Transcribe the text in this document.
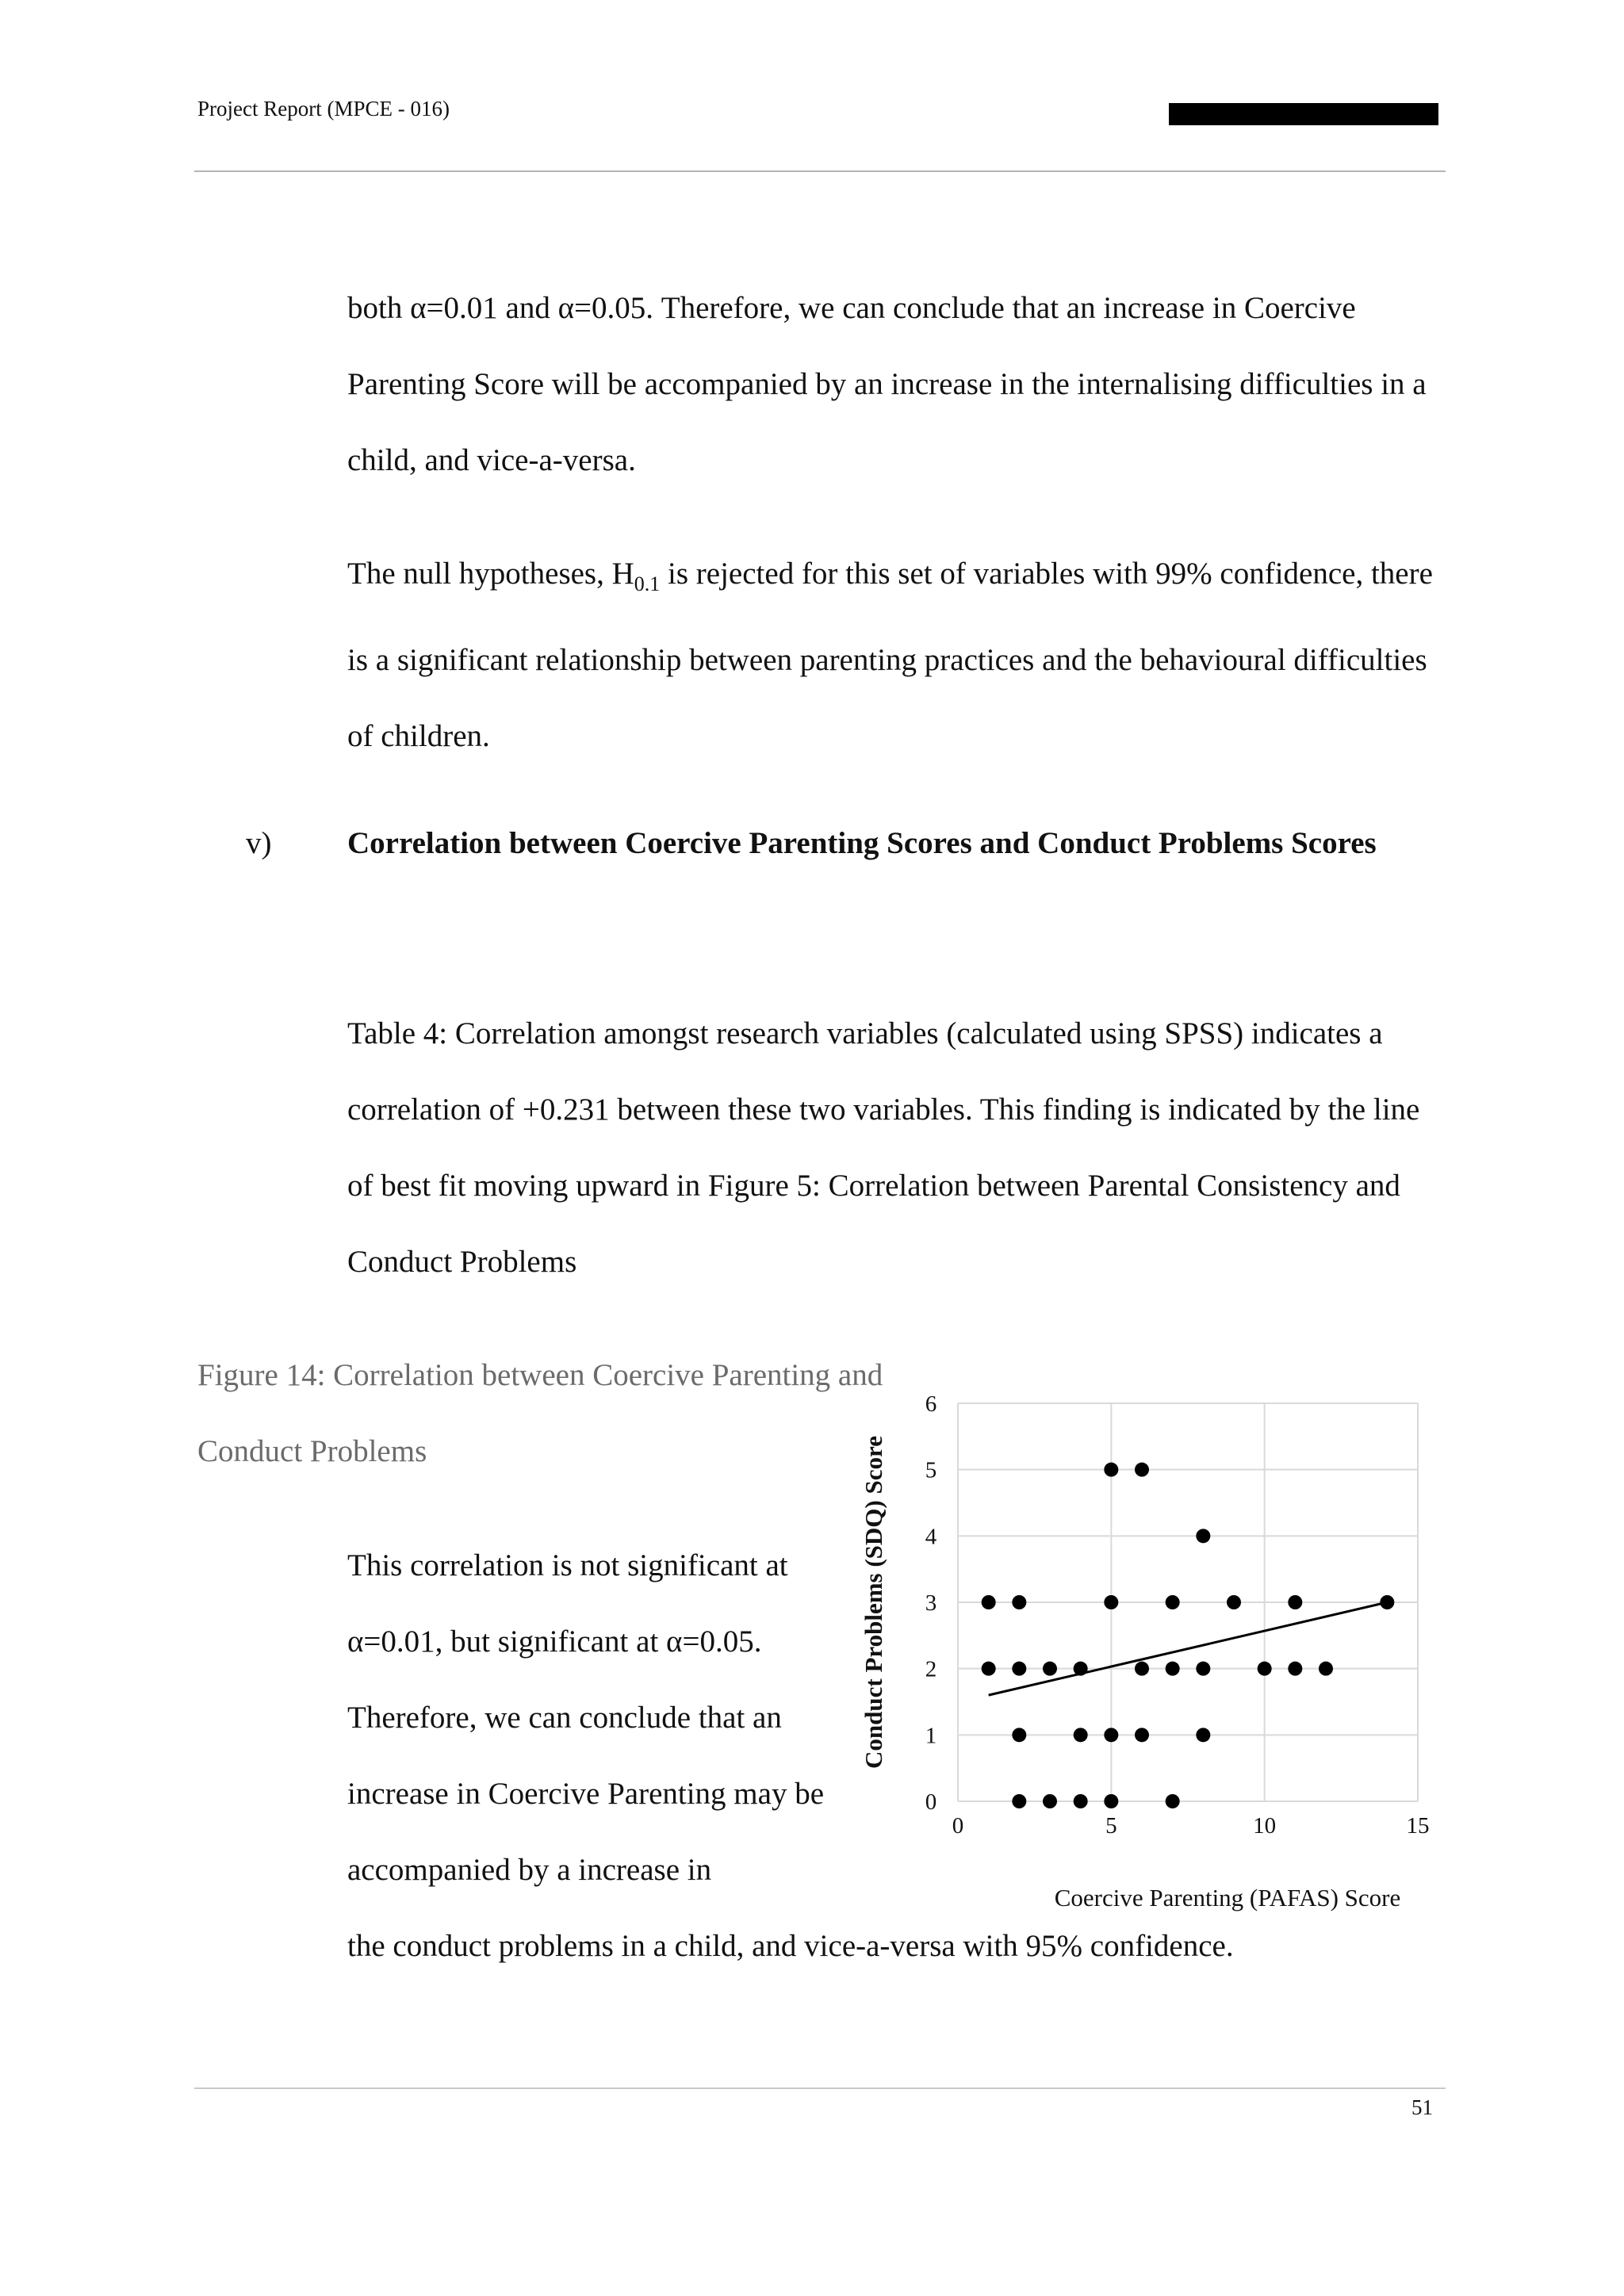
Project Report (MPCE - 016)

both α=0.01 and α=0.05. Therefore, we can conclude that an increase in Coercive Parenting Score will be accompanied by an increase in the internalising difficulties in a child, and vice-a-versa.

The null hypotheses, $H_{0.1}$ is rejected for this set of variables with 99% confidence, there is a significant relationship between parenting practices and the behavioural difficulties of children.

v) Correlation between Coercive Parenting Scores and Conduct Problems Scores

Table 4: Correlation amongst research variables (calculated using SPSS) indicates a correlation of +0.231 between these two variables. This finding is indicated by the line of best fit moving upward in Figure 5: Correlation between Parental Consistency and Conduct Problems

Figure 14: Correlation between Coercive Parenting and Conduct Problems

This correlation is not significant at α=0.01, but significant at α=0.05. Therefore, we can conclude that an increase in Coercive Parenting may be accompanied by a increase in

0
1
2
3
4
5
6
0	5	10	15
Conduct Problems (SDQ) Score
Coercive Parenting (PAFAS) Score
the conduct problems in a child, and vice-a-versa with 95% confidence.
51
